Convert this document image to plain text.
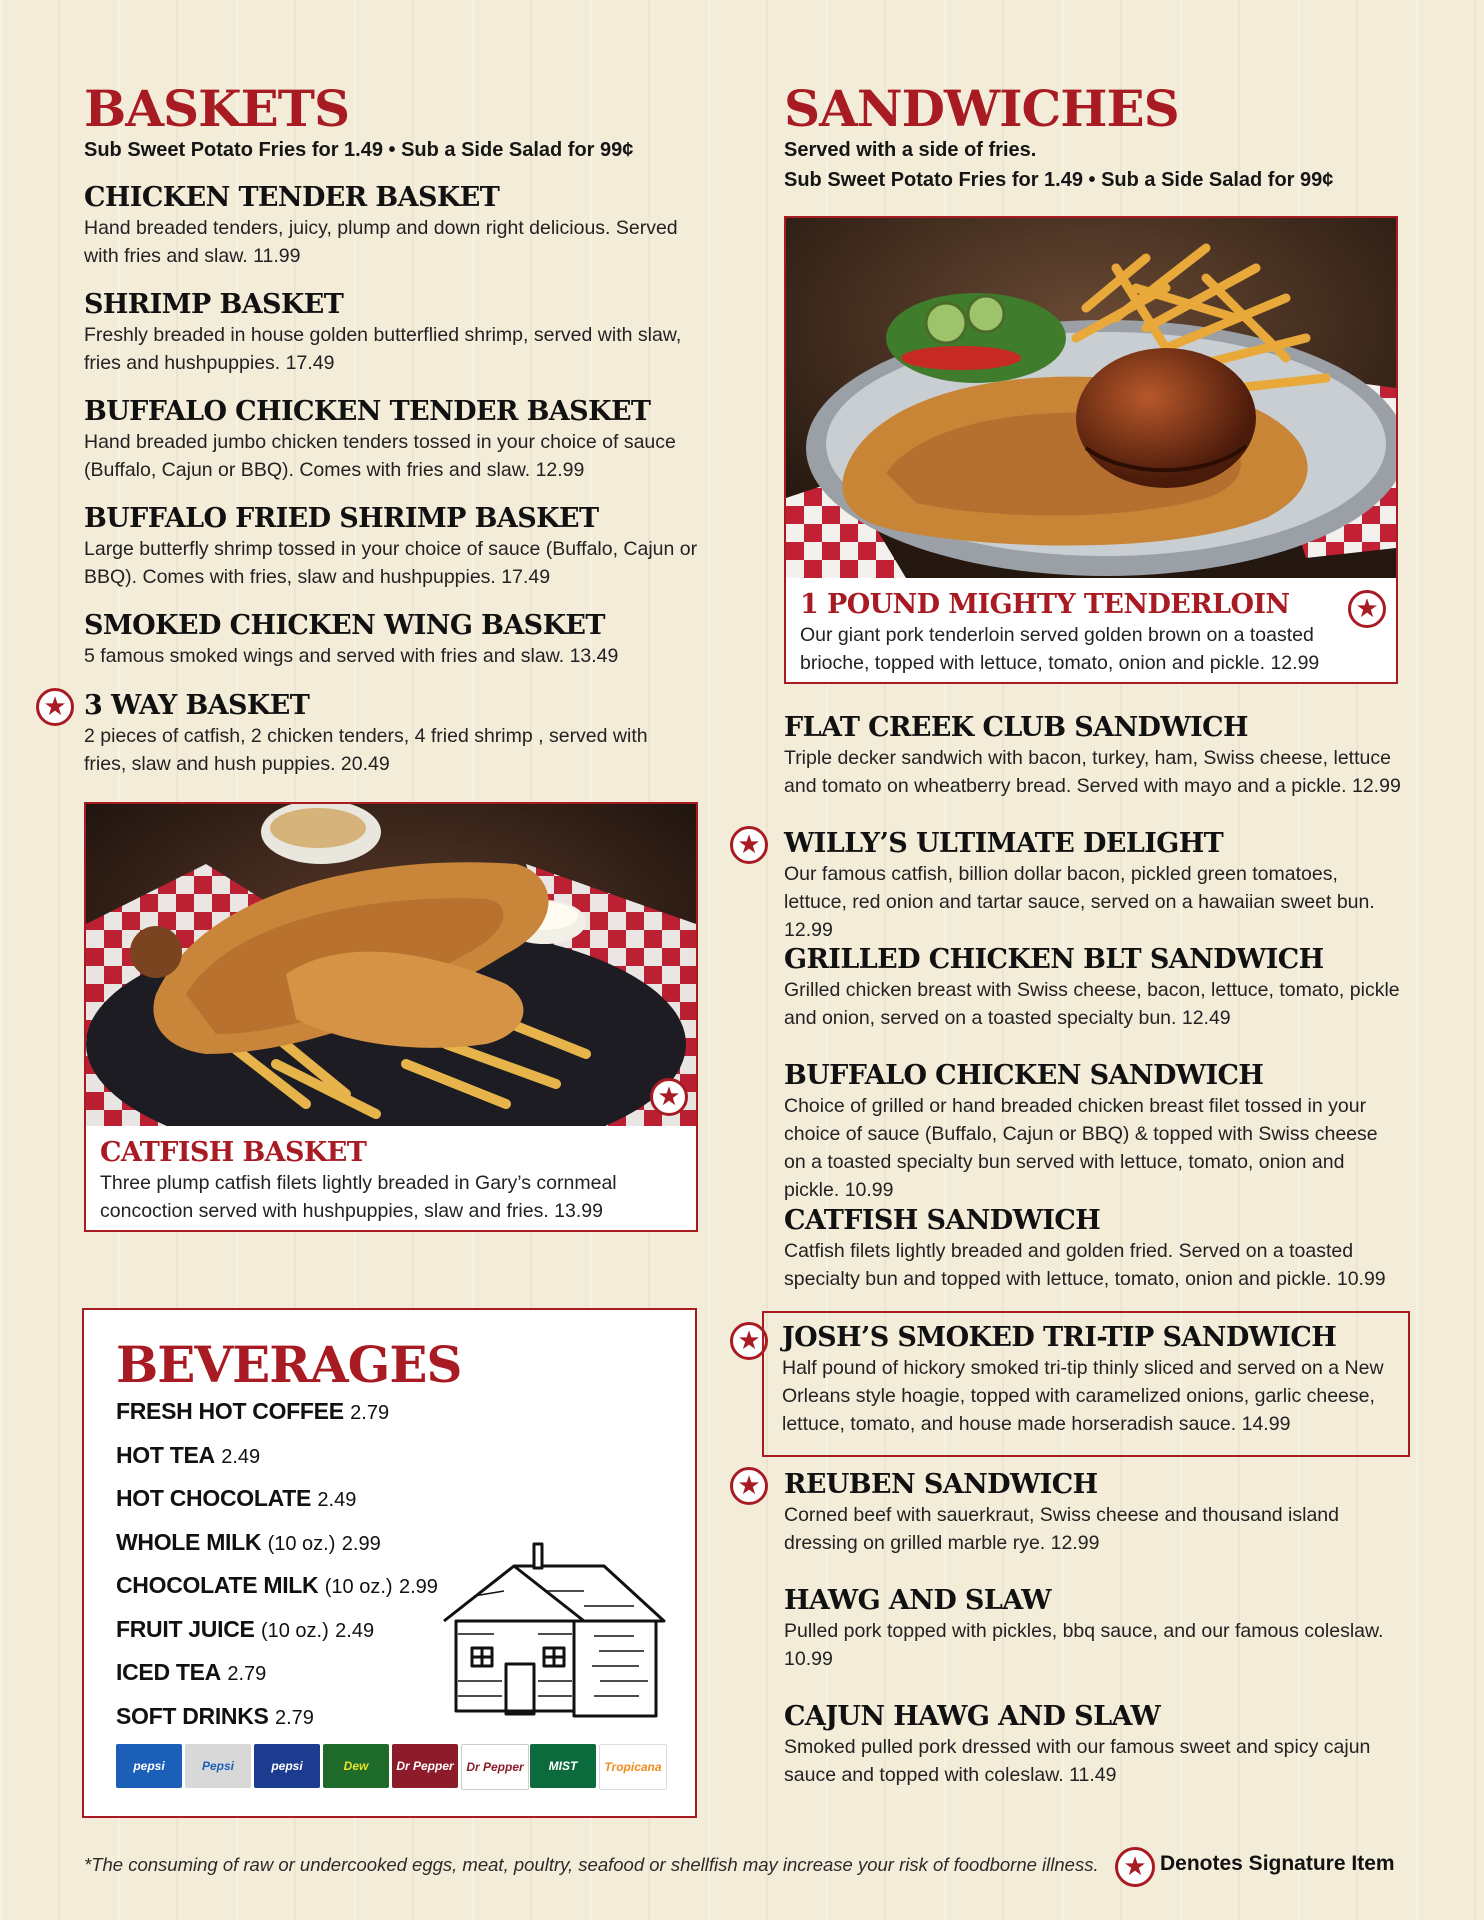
BASKETS
Sub Sweet Potato Fries for 1.49 • Sub a Side Salad for 99¢
CHICKEN TENDER BASKET

Hand breaded tenders, juicy, plump and down right delicious. Served with fries and slaw. 11.99

SHRIMP BASKET

Freshly breaded in house golden butterflied shrimp, served with slaw, fries and hushpuppies. 17.49

BUFFALO CHICKEN TENDER BASKET

Hand breaded jumbo chicken tenders tossed in your choice of sauce (Buffalo, Cajun or BBQ). Comes with fries and slaw. 12.99

BUFFALO FRIED SHRIMP BASKET

Large butterfly shrimp tossed in your choice of sauce (Buffalo, Cajun or BBQ). Comes with fries, slaw and hushpuppies. 17.49

SMOKED CHICKEN WING BASKET

5 famous smoked wings and served with fries and slaw. 13.49

★ 3 WAY BASKET

2 pieces of catfish, 2 chicken tenders, 4 fried shrimp , served with fries, slaw and hush puppies. 20.49

★
CATFISH BASKET

Three plump catfish filets lightly breaded in Gary’s cornmeal concoction served with hushpuppies, slaw and fries. 13.99

BEVERAGES
FRESH HOT COFFEE 2.79
HOT TEA 2.49
HOT CHOCOLATE 2.49
WHOLE MILK (10 oz.) 2.99
CHOCOLATE MILK (10 oz.) 2.99
FRUIT JUICE (10 oz.) 2.49
ICED TEA 2.79
SOFT DRINKS 2.79
pepsi	Pepsi	pepsi	Dew Dr Pepper Dr Pepper MIST Tropicana
SANDWICHES
Served with a side of fries.
Sub Sweet Potato Fries for 1.49 • Sub a Side Salad for 99¢
★
1 POUND MIGHTY TENDERLOIN

Our giant pork tenderloin served golden brown on a toasted brioche, topped with lettuce, tomato, onion and pickle. 12.99

FLAT CREEK CLUB SANDWICH

Triple decker sandwich with bacon, turkey, ham, Swiss cheese, lettuce and tomato on wheatberry bread. Served with mayo and a pickle. 12.99

★ WILLY’S ULTIMATE DELIGHT

Our famous catfish, billion dollar bacon, pickled green tomatoes, lettuce, red onion and tartar sauce, served on a hawaiian sweet bun. 12.99

GRILLED CHICKEN BLT SANDWICH

Grilled chicken breast with Swiss cheese, bacon, lettuce, tomato, pickle and onion, served on a toasted specialty bun. 12.49

BUFFALO CHICKEN SANDWICH

Choice of grilled or hand breaded chicken breast filet tossed in your choice of sauce (Buffalo, Cajun or BBQ) & topped with Swiss cheese on a toasted specialty bun served with lettuce, tomato, onion and pickle. 10.99

CATFISH SANDWICH

Catfish filets lightly breaded and golden fried. Served on a toasted specialty bun and topped with lettuce, tomato, onion and pickle. 10.99

★ JOSH’S SMOKED TRI-TIP SANDWICH

Half pound of hickory smoked tri-tip thinly sliced and served on a New Orleans style hoagie, topped with caramelized onions, garlic cheese, lettuce, tomato, and house made horseradish sauce. 14.99

★ REUBEN SANDWICH

Corned beef with sauerkraut, Swiss cheese and thousand island dressing on grilled marble rye. 12.99

HAWG AND SLAW

Pulled pork topped with pickles, bbq sauce, and our famous coleslaw. 10.99

CAJUN HAWG AND SLAW

Smoked pulled pork dressed with our famous sweet and spicy cajun sauce and topped with coleslaw. 11.49

*The consuming of raw or undercooked eggs, meat, poultry, seafood or shellfish may increase your risk of foodborne illness. ★ Denotes Signature Item
